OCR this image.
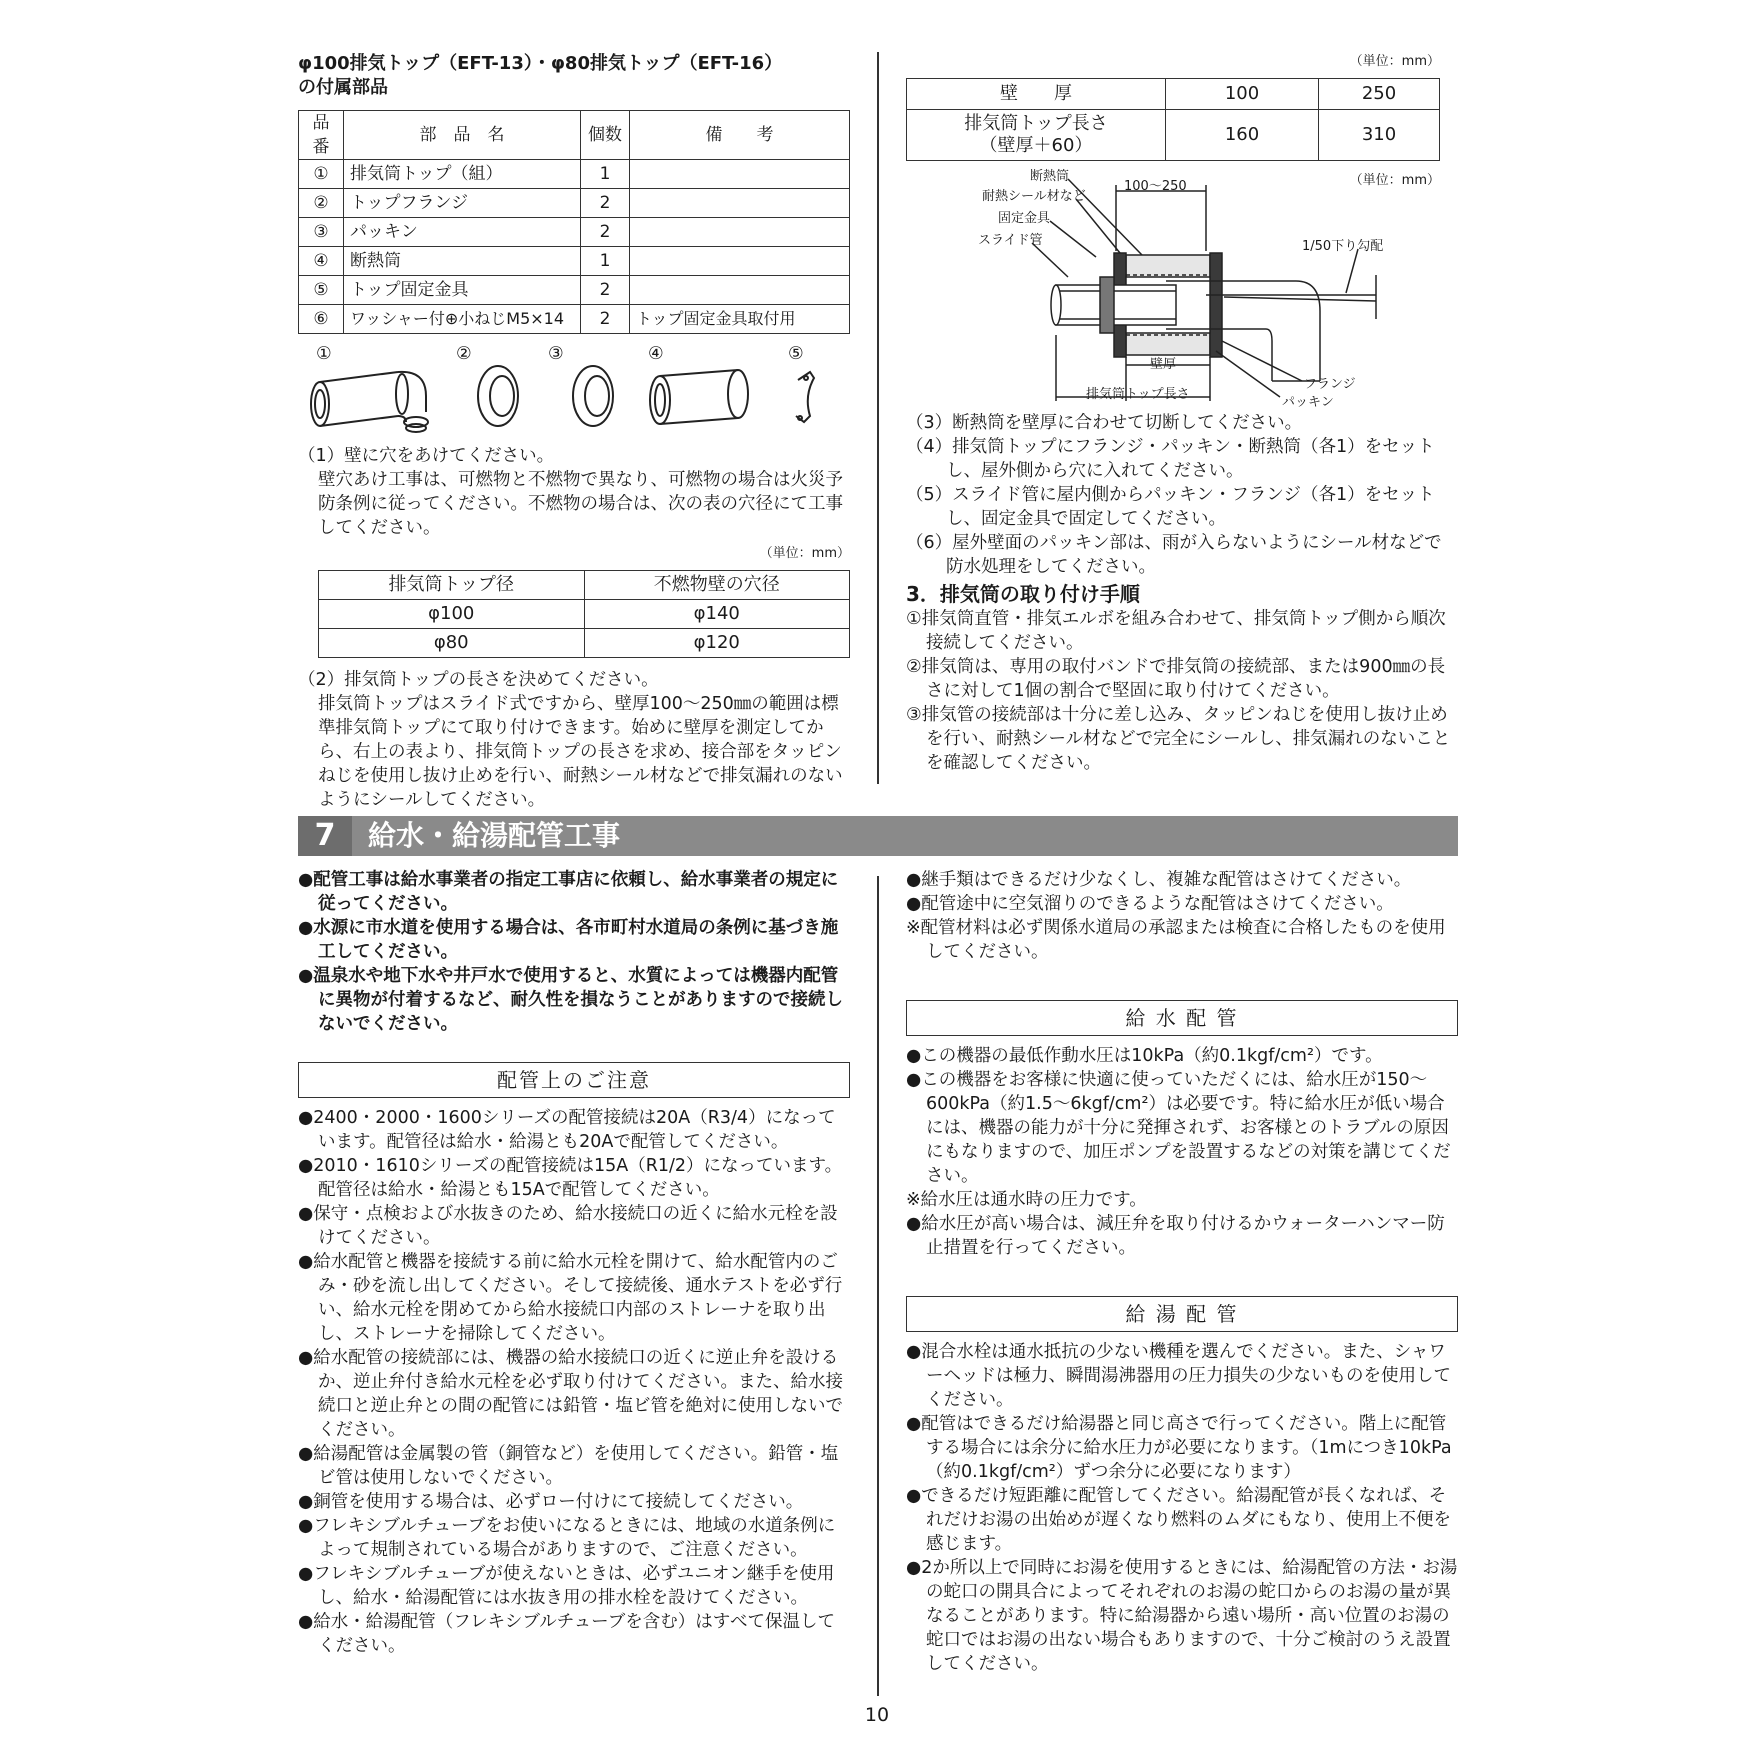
φ100排気トップ（EFT-13）・φ80排気トップ（EFT-16）
の付属部品
品番	部　品　名	個数	備　　考
①	排気筒トップ（組）	1	
②	トップフランジ	2	
③	パッキン	2	
④	断熱筒	1	
⑤	トップ固定金具	2	
⑥	ワッシャー付⊕小ねじM5×14	2	トップ固定金具取付用
①	②	③	④	⑤

（1）壁に穴をあけてください。

壁穴あけ工事は、可燃物と不燃物で異なり、可燃物の場合は火災予防条例に従ってください。不燃物の場合は、次の表の穴径にて工事してください。

（単位：mm）
排気筒トップ径	不燃物壁の穴径
φ100	φ140
φ80	φ120

（2）排気筒トップの長さを決めてください。

排気筒トップはスライド式ですから、壁厚100〜250㎜の範囲は標準排気筒トップにて取り付けできます。始めに壁厚を測定してから、右上の表より、排気筒トップの長さを求め、接合部をタッピンねじを使用し抜け止めを行い、耐熱シール材などで排気漏れのないようにシールしてください。

（単位：mm）
壁　　厚	100	250

排気筒トップ長さ
（壁厚＋60）	160	310
（単位：mm）
断熱筒
耐熱シール材など
固定金具
スライド管
100〜250
1/50下り勾配
フランジ
パッキン
壁厚
排気筒トップ長さ

（3）断熱筒を壁厚に合わせて切断してください。

（4）排気筒トップにフランジ・パッキン・断熱筒（各1）をセットし、屋外側から穴に入れてください。

（5）スライド管に屋内側からパッキン・フランジ（各1）をセットし、固定金具で固定してください。

（6）屋外壁面のパッキン部は、雨が入らないようにシール材などで防水処理をしてください。

3．排気筒の取り付け手順

①排気筒直管・排気エルボを組み合わせて、排気筒トップ側から順次接続してください。

②排気筒は、専用の取付バンドで排気筒の接続部、または900㎜の長さに対して1個の割合で堅固に取り付けてください。

③排気管の接続部は十分に差し込み、タッピンねじを使用し抜け止めを行い、耐熱シール材などで完全にシールし、排気漏れのないことを確認してください。

7	給水・給湯配管工事

●配管工事は給水事業者の指定工事店に依頼し、給水事業者の規定に従ってください。

●水源に市水道を使用する場合は、各市町村水道局の条例に基づき施工してください。

●温泉水や地下水や井戸水で使用すると、水質によっては機器内配管に異物が付着するなど、耐久性を損なうことがありますので接続しないでください。

配管上のご注意

●2400・2000・1600シリーズの配管接続は20A（R3/4）になっています。配管径は給水・給湯とも20Aで配管してください。

●2010・1610シリーズの配管接続は15A（R1/2）になっています。配管径は給水・給湯とも15Aで配管してください。

●保守・点検および水抜きのため、給水接続口の近くに給水元栓を設けてください。

●給水配管と機器を接続する前に給水元栓を開けて、給水配管内のごみ・砂を流し出してください。そして接続後、通水テストを必ず行い、給水元栓を閉めてから給水接続口内部のストレーナを取り出し、ストレーナを掃除してください。

●給水配管の接続部には、機器の給水接続口の近くに逆止弁を設けるか、逆止弁付き給水元栓を必ず取り付けてください。また、給水接続口と逆止弁との間の配管には鉛管・塩ビ管を絶対に使用しないでください。

●給湯配管は金属製の管（銅管など）を使用してください。鉛管・塩ビ管は使用しないでください。

●銅管を使用する場合は、必ずロー付けにて接続してください。

●フレキシブルチューブをお使いになるときには、地域の水道条例によって規制されている場合がありますので、ご注意ください。

●フレキシブルチューブが使えないときは、必ずユニオン継手を使用し、給水・給湯配管には水抜き用の排水栓を設けてください。

●給水・給湯配管（フレキシブルチューブを含む）はすべて保温してください。

●継手類はできるだけ少なくし、複雑な配管はさけてください。

●配管途中に空気溜りのできるような配管はさけてください。

※配管材料は必ず関係水道局の承認または検査に合格したものを使用してください。

給 水 配 管

●この機器の最低作動水圧は10kPa（約0.1kgf/cm²）です。

●この機器をお客様に快適に使っていただくには、給水圧が150〜600kPa（約1.5〜6kgf/cm²）は必要です。特に給水圧が低い場合には、機器の能力が十分に発揮されず、お客様とのトラブルの原因にもなりますので、加圧ポンプを設置するなどの対策を講じてください。

※給水圧は通水時の圧力です。

●給水圧が高い場合は、減圧弁を取り付けるかウォーターハンマー防止措置を行ってください。

給 湯 配 管

●混合水栓は通水抵抗の少ない機種を選んでください。また、シャワーヘッドは極力、瞬間湯沸器用の圧力損失の少ないものを使用してください。

●配管はできるだけ給湯器と同じ高さで行ってください。階上に配管する場合には余分に給水圧力が必要になります。（1mにつき10kPa（約0.1kgf/cm²）ずつ余分に必要になります）

●できるだけ短距離に配管してください。給湯配管が長くなれば、それだけお湯の出始めが遅くなり燃料のムダにもなり、使用上不便を感じます。

●2か所以上で同時にお湯を使用するときには、給湯配管の方法・お湯の蛇口の開具合によってそれぞれのお湯の蛇口からのお湯の量が異なることがあります。特に給湯器から遠い場所・高い位置のお湯の蛇口ではお湯の出ない場合もありますので、十分ご検討のうえ設置してください。

10
